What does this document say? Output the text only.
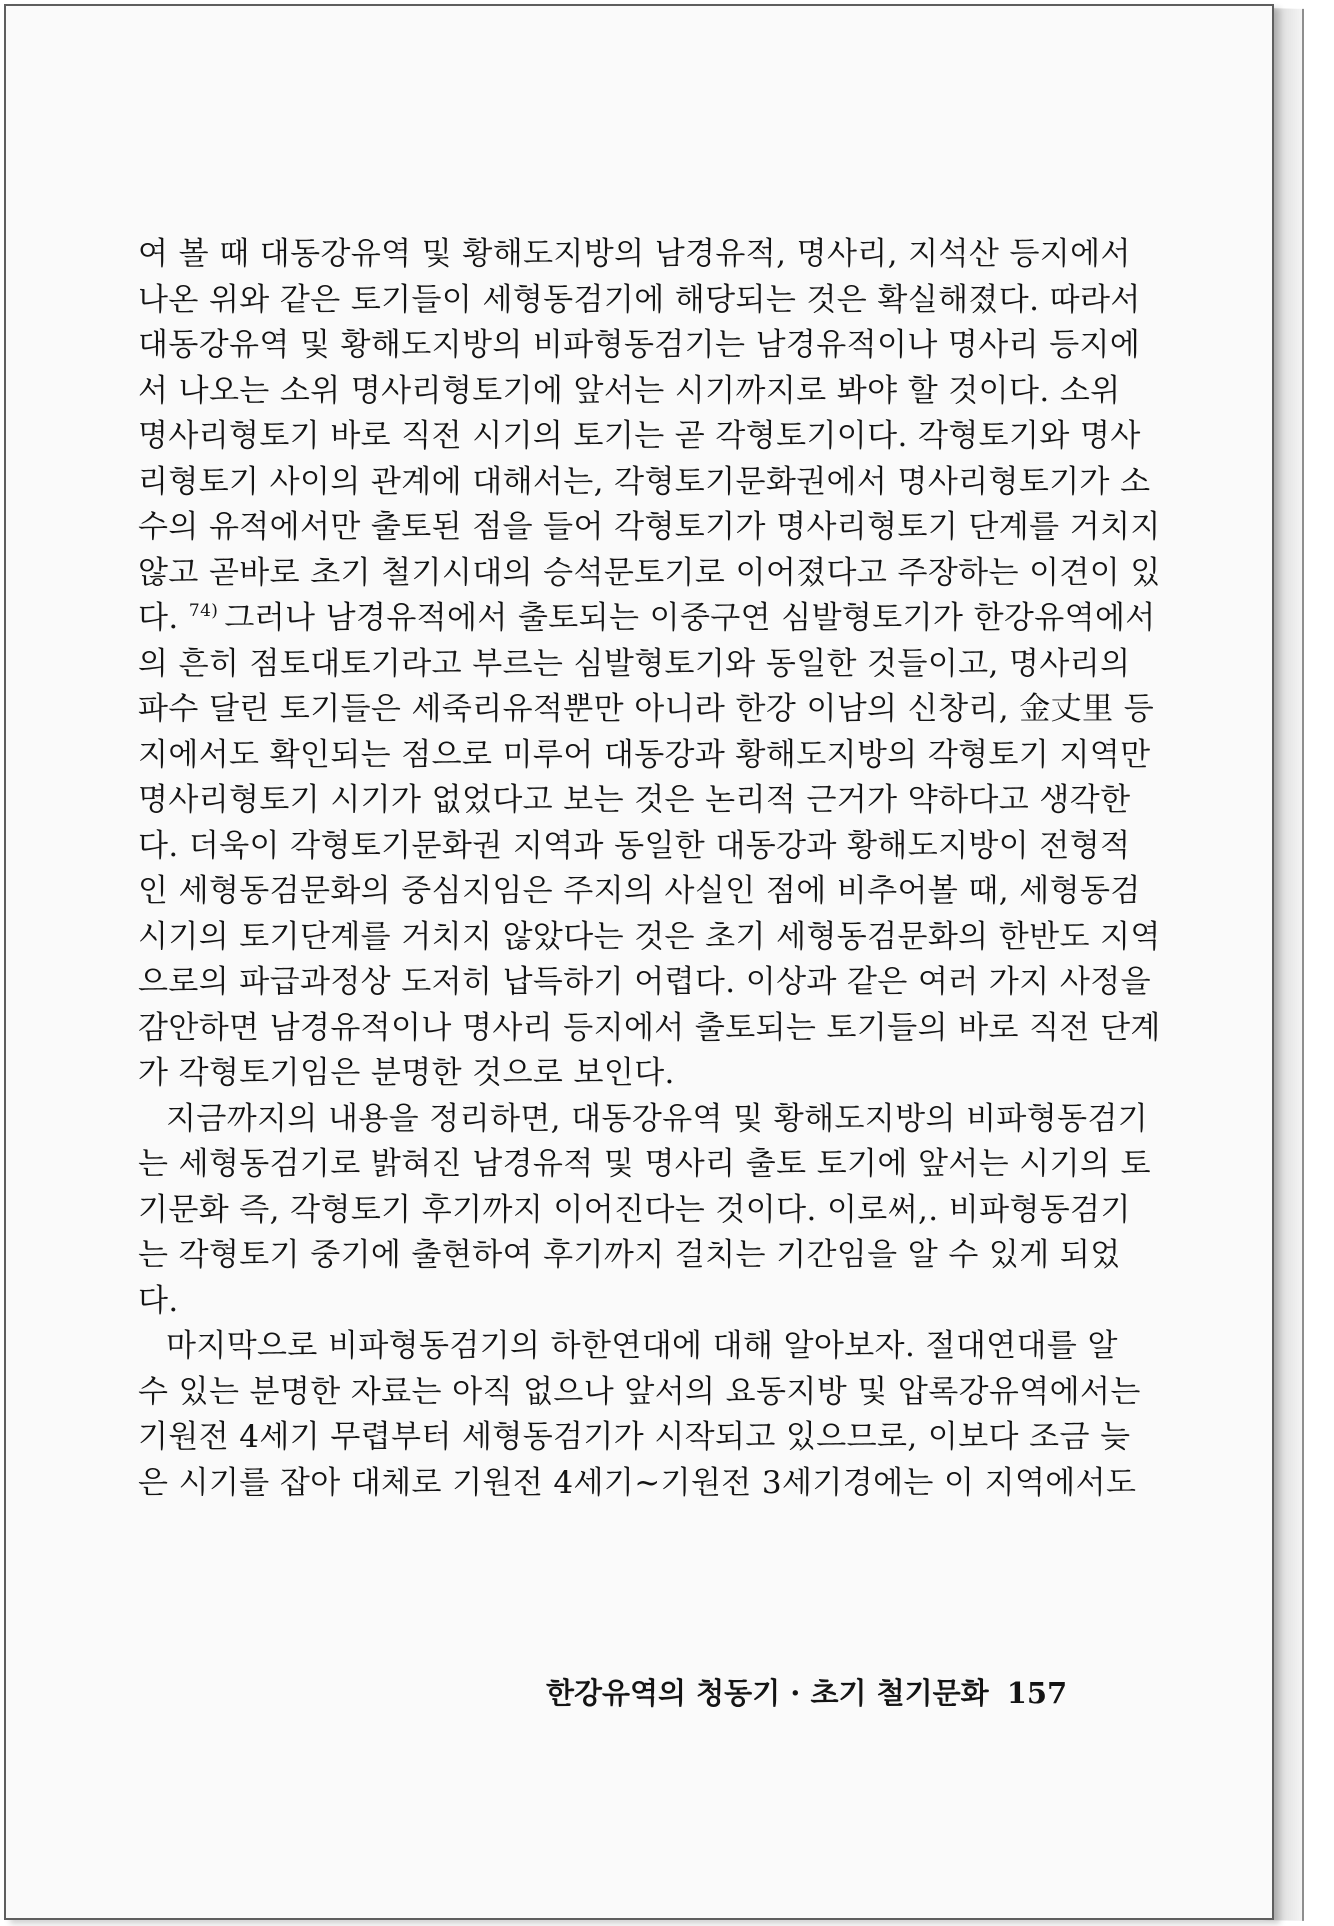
여 볼 때 대동강유역 및 황해도지방의 남경유적, 명사리, 지석산 등지에서
나온 위와 같은 토기들이 세형동검기에 해당되는 것은 확실해졌다. 따라서
대동강유역 및 황해도지방의 비파형동검기는 남경유적이나 명사리 등지에
서 나오는 소위 명사리형토기에 앞서는 시기까지로 봐야 할 것이다. 소위
명사리형토기 바로 직전 시기의 토기는 곧 각형토기이다. 각형토기와 명사
리형토기 사이의 관계에 대해서는, 각형토기문화권에서 명사리형토기가 소
수의 유적에서만 출토된 점을 들어 각형토기가 명사리형토기 단계를 거치지
않고 곧바로 초기 철기시대의 승석문토기로 이어졌다고 주장하는 이견이 있
다. $^{74)}$ 그러나 남경유적에서 출토되는 이중구연 심발형토기가 한강유역에서
의 흔히 점토대토기라고 부르는 심발형토기와 동일한 것들이고, 명사리의
파수 달린 토기들은 세죽리유적뿐만 아니라 한강 이남의 신창리, 金丈里 등
지에서도 확인되는 점으로 미루어 대동강과 황해도지방의 각형토기 지역만
명사리형토기 시기가 없었다고 보는 것은 논리적 근거가 약하다고 생각한
다. 더욱이 각형토기문화권 지역과 동일한 대동강과 황해도지방이 전형적
인 세형동검문화의 중심지임은 주지의 사실인 점에 비추어볼 때, 세형동검
시기의 토기단계를 거치지 않았다는 것은 초기 세형동검문화의 한반도 지역
으로의 파급과정상 도저히 납득하기 어렵다. 이상과 같은 여러 가지 사정을
감안하면 남경유적이나 명사리 등지에서 출토되는 토기들의 바로 직전 단계
가 각형토기임은 분명한 것으로 보인다.
지금까지의 내용을 정리하면, 대동강유역 및 황해도지방의 비파형동검기
는 세형동검기로 밝혀진 남경유적 및 명사리 출토 토기에 앞서는 시기의 토
기문화 즉, 각형토기 후기까지 이어진다는 것이다. 이로써,. 비파형동검기
는 각형토기 중기에 출현하여 후기까지 걸치는 기간임을 알 수 있게 되었
다.
마지막으로 비파형동검기의 하한연대에 대해 알아보자. 절대연대를 알
수 있는 분명한 자료는 아직 없으나 앞서의 요동지방 및 압록강유역에서는
기원전 4세기 무렵부터 세형동검기가 시작되고 있으므로, 이보다 조금 늦
은 시기를 잡아 대체로 기원전 4세기~기원전 3세기경에는 이 지역에서도
한강유역의 청동기 · 초기 철기문화 157
